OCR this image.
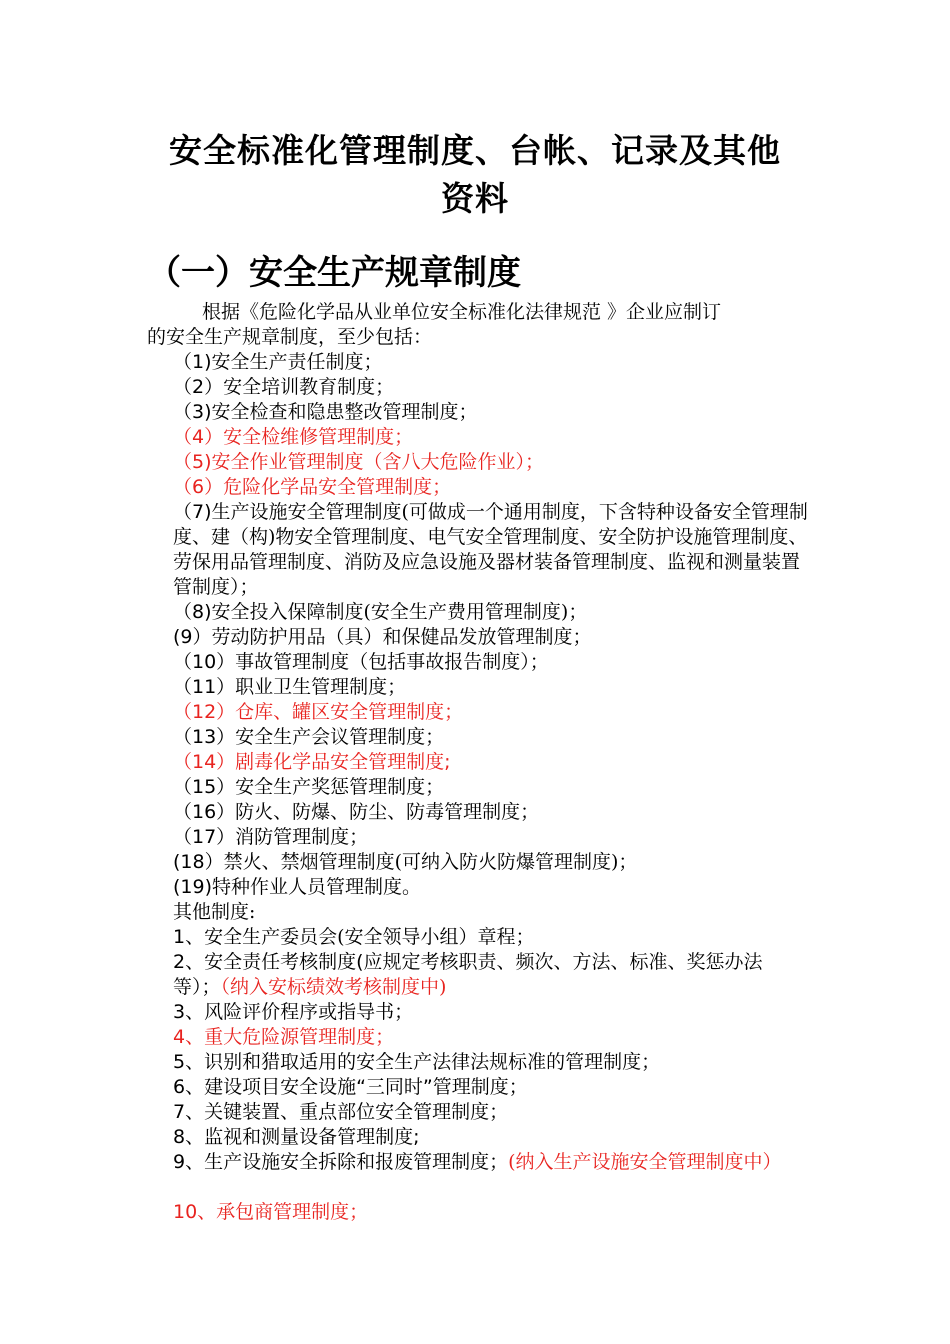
安全标准化管理制度、台帐、记录及其他
资料
（一）安全生产规章制度
根据《危险化学品从业单位安全标准化法律规范 》企业应制订
的安全生产规章制度，至少包括：
（1)安全生产责任制度；
（2）安全培训教育制度；
（3)安全检查和隐患整改管理制度；
（4）安全检维修管理制度；
（5)安全作业管理制度（含八大危险作业）；
（6）危险化学品安全管理制度；
（7)生产设施安全管理制度(可做成一个通用制度，下含特种设备安全管理制度、建（构)物安全管理制度、电气安全管理制度、安全防护设施管理制度、劳保用品管理制度、消防及应急设施及器材装备管理制度、监视和测量装置管制度）；
（8)安全投入保障制度(安全生产费用管理制度)；
(9）劳动防护用品（具）和保健品发放管理制度；
（10）事故管理制度（包括事故报告制度）；
（11）职业卫生管理制度；
（12）仓库、罐区安全管理制度；
（13）安全生产会议管理制度；
（14）剧毒化学品安全管理制度;
（15）安全生产奖惩管理制度；
（16）防火、防爆、防尘、防毒管理制度；
（17）消防管理制度；
(18）禁火、禁烟管理制度(可纳入防火防爆管理制度)；
(19)特种作业人员管理制度。
其他制度:
1、安全生产委员会(安全领导小组）章程；
2、安全责任考核制度(应规定考核职责、频次、方法、标准、奖惩办法等）；（纳入安标绩效考核制度中)
3、风险评价程序或指导书；
4、重大危险源管理制度；
5、识别和猎取适用的安全生产法律法规标准的管理制度；
6、建设项目安全设施“三同时”管理制度；
7、关键装置、重点部位安全管理制度；
8、监视和测量设备管理制度;
9、生产设施安全拆除和报废管理制度；(纳入生产设施安全管理制度中）
10、承包商管理制度；
